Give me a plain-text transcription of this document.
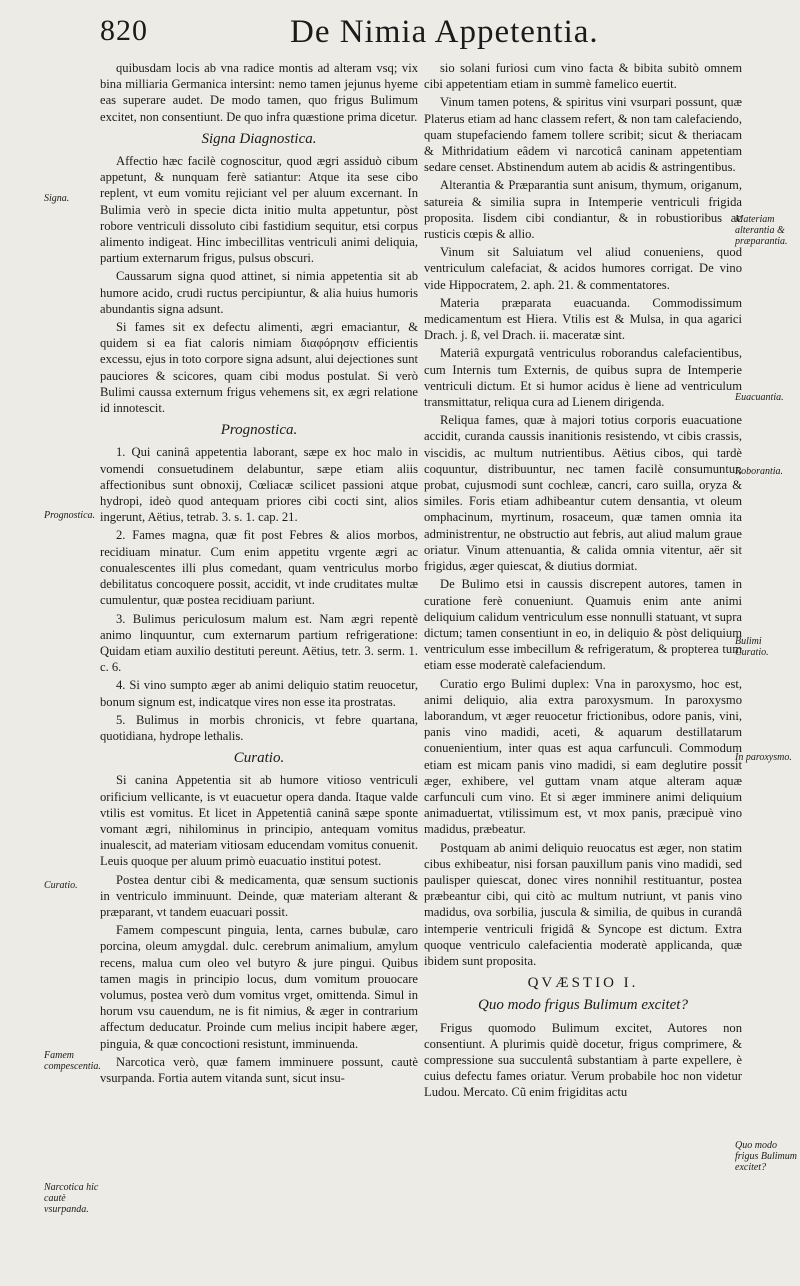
820	De Nimia Appetentia.

quibusdam locis ab vna radice montis ad alteram vsq; vix bina milliaria Germanica intersint: nemo tamen jejunus hyeme eas superare audet. De modo tamen, quo frigus Bulimum excitet, non consentiunt. De quo infra quæstione prima dicetur.

Signa Diagnostica.

Affectio hæc facilè cognoscitur, quod ægri assiduò cibum appetunt, & nunquam ferè satiantur: Atque ita sese cibo replent, vt eum vomitu rejiciant vel per aluum excernant. In Bulimia verò in specie dicta initio multa appetuntur, pòst robore ventriculi dissoluto cibi fastidium sequitur, etsi corpus alimento indigeat. Hinc imbecillitas ventriculi animi deliquia, partium externarum frigus, pulsus obscuri.

Caussarum signa quod attinet, si nimia appetentia sit ab humore acido, crudi ructus percipiuntur, & alia huius humoris abundantis signa adsunt.

Si fames sit ex defectu alimenti, ægri emaciantur, & quidem si ea fiat caloris nimiam διαφόρησιν efficientis excessu, ejus in toto corpore signa adsunt, alui dejectiones sunt pauciores & scicores, quam cibi modus postulat. Si verò Bulimi caussa externum frigus vehemens sit, ex ægri relatione id innotescit.

Prognostica.

1. Qui caninâ appetentia laborant, sæpe ex hoc malo in vomendi consuetudinem delabuntur, sæpe etiam aliis affectionibus sunt obnoxij, Cœliacæ scilicet passioni atque hydropi, ideò quod antequam priores cibi cocti sint, alios ingerunt, Aëtius, tetrab. 3. s. 1. cap. 21.

2. Fames magna, quæ fit post Febres & alios morbos, recidiuam minatur. Cum enim appetitu vrgente ægri ac conualescentes illi plus comedant, quam ventriculus morbo debilitatus concoquere possit, accidit, vt inde cruditates multæ cumulentur, quæ postea recidiuam pariunt.

3. Bulimus periculosum malum est. Nam ægri repentè animo linquuntur, cum externarum partium refrigeratione: Quidam etiam auxilio destituti pereunt. Aëtius, tetr. 3. serm. 1. c. 6.

4. Si vino sumpto æger ab animi deliquio statim reuocetur, bonum signum est, indicatque vires non esse ita prostratas.

5. Bulimus in morbis chronicis, vt febre quartana, quotidiana, hydrope lethalis.

Curatio.

Si canina Appetentia sit ab humore vitioso ventriculi orificium vellicante, is vt euacuetur opera danda. Itaque valde vtilis est vomitus. Et licet in Appetentiâ caninâ sæpe sponte vomant ægri, nihilominus in principio, antequam vomitus inualescit, ad materiam vitiosam educendam vomitus conuenit. Leuis quoque per aluum primò euacuatio institui potest.

Postea dentur cibi & medicamenta, quæ sensum suctionis in ventriculo imminuunt. Deinde, quæ materiam alterant & præparant, vt tandem euacuari possit.

Famem compescunt pinguia, lenta, carnes bubulæ, caro porcina, oleum amygdal. dulc. cerebrum animalium, amylum recens, malua cum oleo vel butyro & jure pingui. Quibus tamen magis in principio locus, dum vomitum prouocare volumus, postea verò dum vomitus vrget, omittenda. Simul in horum vsu cauendum, ne is fit nimius, & æger in contrarium affectum deducatur. Proinde cum melius incipit habere æger, pinguia, & quæ concoctioni resistunt, imminuenda.

Narcotica verò, quæ famem imminuere possunt, cautè vsurpanda. Fortia autem vitanda sunt, sicut insu-

sio solani furiosi cum vino facta & bibita subitò omnem cibi appetentiam etiam in summè famelico euertit.

Vinum tamen potens, & spiritus vini vsurpari possunt, quæ Platerus etiam ad hanc classem refert, & non tam calefaciendo, quam stupefaciendo famem tollere scribit; sicut & theriacam & Mithridatium eâdem vi narcoticâ caninam appetentiam sedare censet. Abstinendum autem ab acidis & astringentibus.

Alterantia & Præparantia sunt anisum, thymum, origanum, satureia & similia supra in Intemperie ventriculi frigida proposita. Iisdem cibi condiantur, & in robustioribus ac rusticis cœpis & allio.

Vinum sit Saluiatum vel aliud conueniens, quod ventriculum calefaciat, & acidos humores corrigat. De vino vide Hippocratem, 2. aph. 21. & commentatores.

Materia præparata euacuanda. Commodissimum medicamentum est Hiera. Vtilis est & Mulsa, in qua agarici Drach. j. ß, vel Drach. ii. maceratæ sint.

Materiâ expurgatâ ventriculus roborandus calefacientibus, cum Internis tum Externis, de quibus supra de Intemperie ventriculi dictum. Et si humor acidus è liene ad ventriculum transmittatur, reliqua cura ad Lienem dirigenda.

Reliqua fames, quæ à majori totius corporis euacuatione accidit, curanda caussis inanitionis resistendo, vt cibis crassis, viscidis, ac multum nutrientibus. Aëtius cibos, qui tardè coquuntur, distribuuntur, nec tamen facilè consumuntur, probat, cujusmodi sunt cochleæ, cancri, caro suilla, oryza & similes. Foris etiam adhibeantur cutem densantia, vt oleum omphacinum, myrtinum, rosaceum, quæ tamen omnia ita administrentur, ne obstructio aut febris, aut aliud malum graue oriatur. Vinum attenuantia, & calida omnia vitentur, aër sit frigidus, æger quiescat, & diutius dormiat.

De Bulimo etsi in caussis discrepent autores, tamen in curatione ferè conueniunt. Quamuis enim ante animi deliquium calidum ventriculum esse nonnulli statuant, vt supra dictum; tamen consentiunt in eo, in deliquio & pòst deliquium ventriculum esse imbecillum & refrigeratum, & propterea tum etiam esse moderatè calefaciendum.

Curatio ergo Bulimi duplex: Vna in paroxysmo, hoc est, animi deliquio, alia extra paroxysmum. In paroxysmo laborandum, vt æger reuocetur frictionibus, odore panis, vini, panis vino madidi, aceti, & aquarum destillatarum conuenientium, inter quas est aqua carfunculi. Commodum etiam est micam panis vino madidi, si eam deglutire possit æger, exhibere, vel guttam vnam atque alteram aquæ carfunculi cum vino. Et si æger imminere animi deliquium animaduertat, vtilissimum est, vt mox panis, præcipuè vino madidus, præbeatur.

Postquam ab animi deliquio reuocatus est æger, non statim cibus exhibeatur, nisi forsan pauxillum panis vino madidi, sed paulisper quiescat, donec vires nonnihil restituantur, postea præbeantur cibi, qui citò ac multum nutriunt, vt panis vino madidus, ova sorbilia, juscula & similia, de quibus in curandâ intemperie ventriculi frigidâ & Syncope est dictum. Extra quoque ventriculo calefacientia moderatè applicanda, quæ ibidem sunt proposita.

QVÆSTIO I.
Quo modo frigus Bulimum excitet?

Frigus quomodo Bulimum excitet, Autores non consentiunt. A plurimis quidè docetur, frigus comprimere, & compressione sua succulentâ substantiam à parte expellere, è cuius defectu fames oriatur. Verum probabile hoc non videtur Ludou. Mercato. Cũ enim frigiditas actu

Signa.
Prognostica.
Curatio.
Famem compescentia.
Narcotica hic cautè vsurpanda.
Materiam alterantia & præparantia.
Euacuantia.
Roborantia.
Bulimi Curatio.
In paroxysmo.
Quo modo frigus Bulimum excitet?
